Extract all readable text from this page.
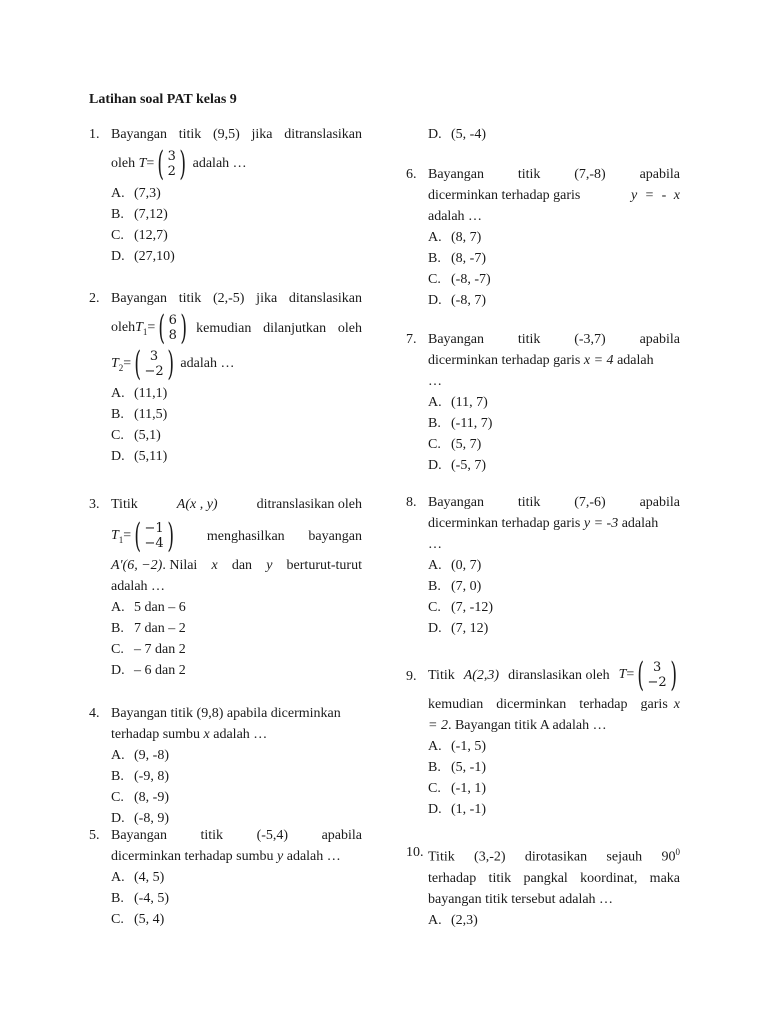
Latihan soal PAT kelas 9
1. Bayangan titik (9,5) jika ditranslasikan
oleh T= ( 3
2 ) adalah …
A. (7,3)
B. (7,12)
C. (12,7)
D. (27,10)
2. Bayangan titik (2,-5) jika ditanslasikan
olehT$_1$= ( 6
8 ) kemudian dilanjutkan oleh
$T_2=$ ( 3
−2 ) adalah …
A. (11,1)
B. (11,5)
C. (5,1)
D. (5,11)
3. Titik	A(x , y)	ditranslasikan oleh
$T_1=$ ( −1
−4 ) menghasilkan bayangan
A'(6, −2). Nilai x dan y berturut-turut
adalah …
A. 5 dan – 6
B. 7 dan – 2
C. – 7 dan 2
D. – 6 dan 2
4. Bayangan titik (9,8) apabila dicerminkan
terhadap sumbu x adalah …
A. (9, -8)
B. (-9, 8)
C. (8, -9)
D. (-8, 9)
5. Bayangan titik (-5,4) apabila
dicerminkan terhadap sumbu y adalah …
A. (4, 5)
B. (-4, 5)
C. (5, 4)
D. (5, -4)
6. Bayangan titik (7,-8) apabila
dicerminkan terhadap garis	y = - x
adalah …
A. (8, 7)
B. (8, -7)
C. (-8, -7)
D. (-8, 7)
7. Bayangan titik (-3,7) apabila
dicerminkan terhadap garis x = 4 adalah
…
A. (11, 7)
B. (-11, 7)
C. (5, 7)
D. (-5, 7)
8. Bayangan titik (7,-6) apabila
dicerminkan terhadap garis y = -3 adalah
…
A. (0, 7)
B. (7, 0)
C. (7, -12)
D. (7, 12)
9. Titik A(2,3) diranslasikan oleh T= ( 3
−2 )
kemudian dicerminkan terhadap garis x
= 2. Bayangan titik A adalah …
A. (-1, 5)
B. (5, -1)
C. (-1, 1)
D. (1, -1)
10. Titik (3,-2) dirotasikan sejauh $90^0$
terhadap titik pangkal koordinat, maka
bayangan titik tersebut adalah …
A. (2,3)
